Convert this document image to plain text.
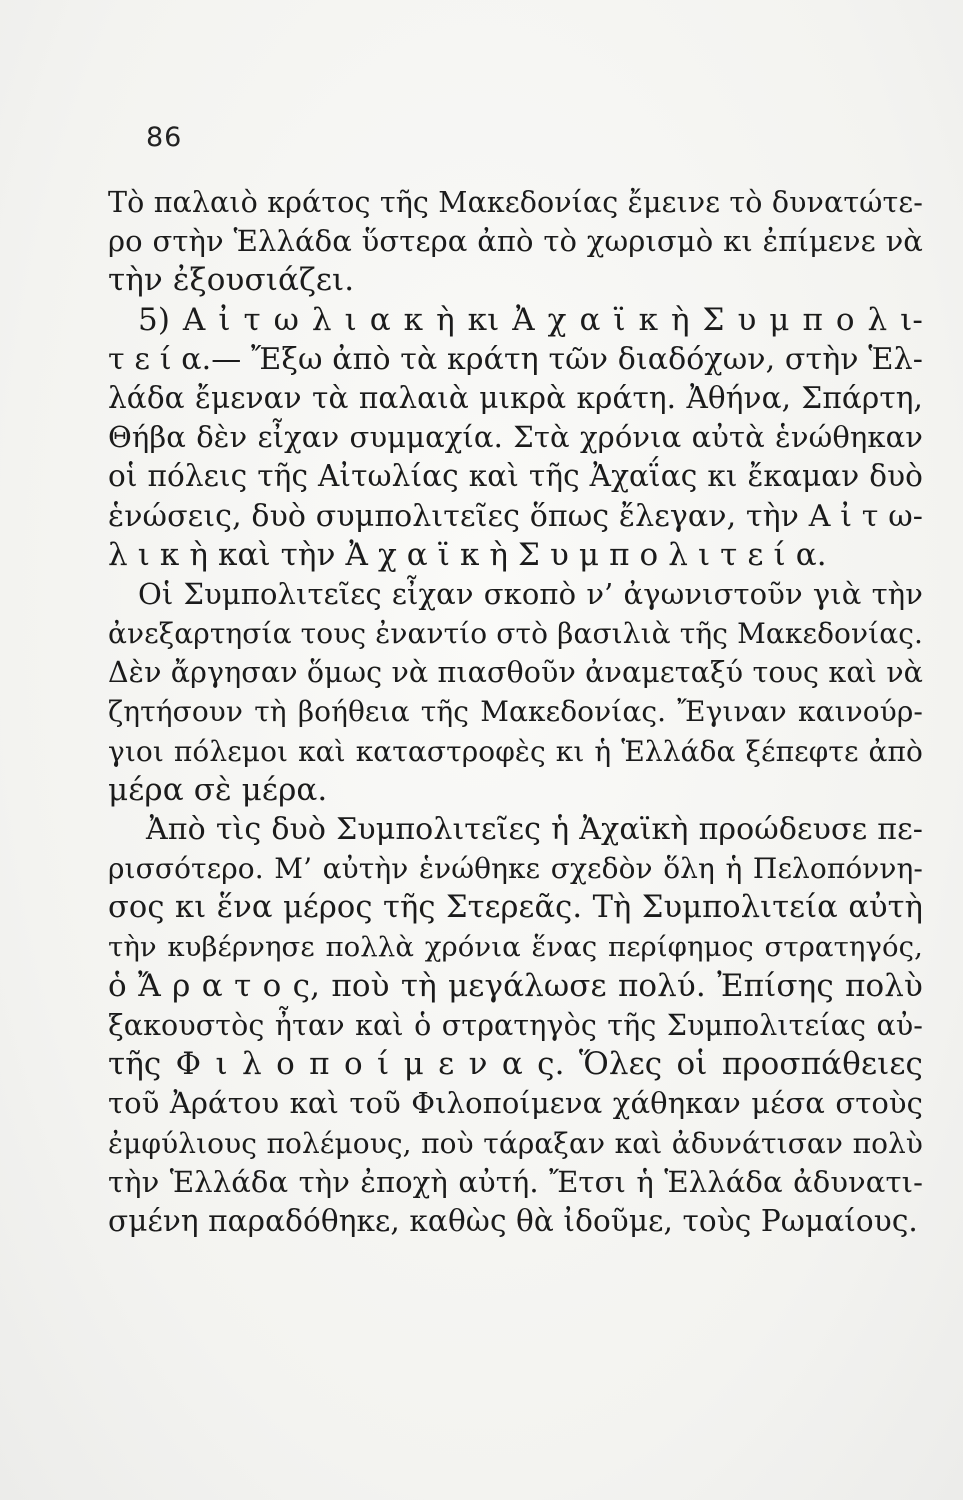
86
Τὸ παλαιὸ κράτος τῆς Μακεδονίας ἔμεινε τὸ δυνατώτε-
ρο στὴν Ἑλλάδα ὕστερα ἀπὸ τὸ χωρισμὸ κι ἐπίμενε νὰ
τὴν ἐξουσιάζει.
5) Α ἰ τ ω λ ι α κ ὴ κι Ἀ χ α ϊ κ ὴ Σ υ μ π ο λ ι-
τ ε ί α.— Ἔξω ἀπὸ τὰ κράτη τῶν διαδόχων, στὴν Ἑλ-
λάδα ἔμεναν τὰ παλαιὰ μικρὰ κράτη. Ἀθήνα, Σπάρτη,
Θήβα δὲν εἶχαν συμμαχία. Στὰ χρόνια αὐτὰ ἑνώθηκαν
οἱ πόλεις τῆς Αἰτωλίας καὶ τῆς Ἀχαΐας κι ἔκαμαν δυὸ
ἑνώσεις, δυὸ συμπολιτεῖες ὅπως ἔλεγαν, τὴν Α ἰ τ ω-
λ ι κ ὴ καὶ τὴν Ἀ χ α ϊ κ ὴ Σ υ μ π ο λ ι τ ε ί α.
Οἱ Συμπολιτεῖες εἶχαν σκοπὸ ν’ ἀγωνιστοῦν γιὰ τὴν
ἀνεξαρτησία τους ἐναντίο στὸ βασιλιὰ τῆς Μακεδονίας.
Δὲν ἄργησαν ὅμως νὰ πιασθοῦν ἀναμεταξύ τους καὶ νὰ
ζητήσουν τὴ βοήθεια τῆς Μακεδονίας. Ἔγιναν καινούρ-
γιοι πόλεμοι καὶ καταστροφὲς κι ἡ Ἑλλάδα ξέπεφτε ἀπὸ
μέρα σὲ μέρα.
Ἀπὸ τὶς δυὸ Συμπολιτεῖες ἡ Ἀχαϊκὴ προώδευσε πε-
ρισσότερο. Μ’ αὐτὴν ἑνώθηκε σχεδὸν ὅλη ἡ Πελοπόννη-
σος κι ἕνα μέρος τῆς Στερεᾶς. Τὴ Συμπολιτεία αὐτὴ
τὴν κυβέρνησε πολλὰ χρόνια ἕνας περίφημος στρατηγός,
ὁ Ἄ ρ α τ ο ς, ποὺ τὴ μεγάλωσε πολύ. Ἐπίσης πολὺ
ξακουστὸς ἦταν καὶ ὁ στρατηγὸς τῆς Συμπολιτείας αὐ-
τῆς Φ ι λ ο π ο ί μ ε ν α ς. Ὅλες οἱ προσπάθειες
τοῦ Ἀράτου καὶ τοῦ Φιλοποίμενα χάθηκαν μέσα στοὺς
ἐμφύλιους πολέμους, ποὺ τάραξαν καὶ ἀδυνάτισαν πολὺ
τὴν Ἑλλάδα τὴν ἐποχὴ αὐτή. Ἔτσι ἡ Ἑλλάδα ἀδυνατι-
σμένη παραδόθηκε, καθὼς θὰ ἰδοῦμε, τοὺς Ρωμαίους.
